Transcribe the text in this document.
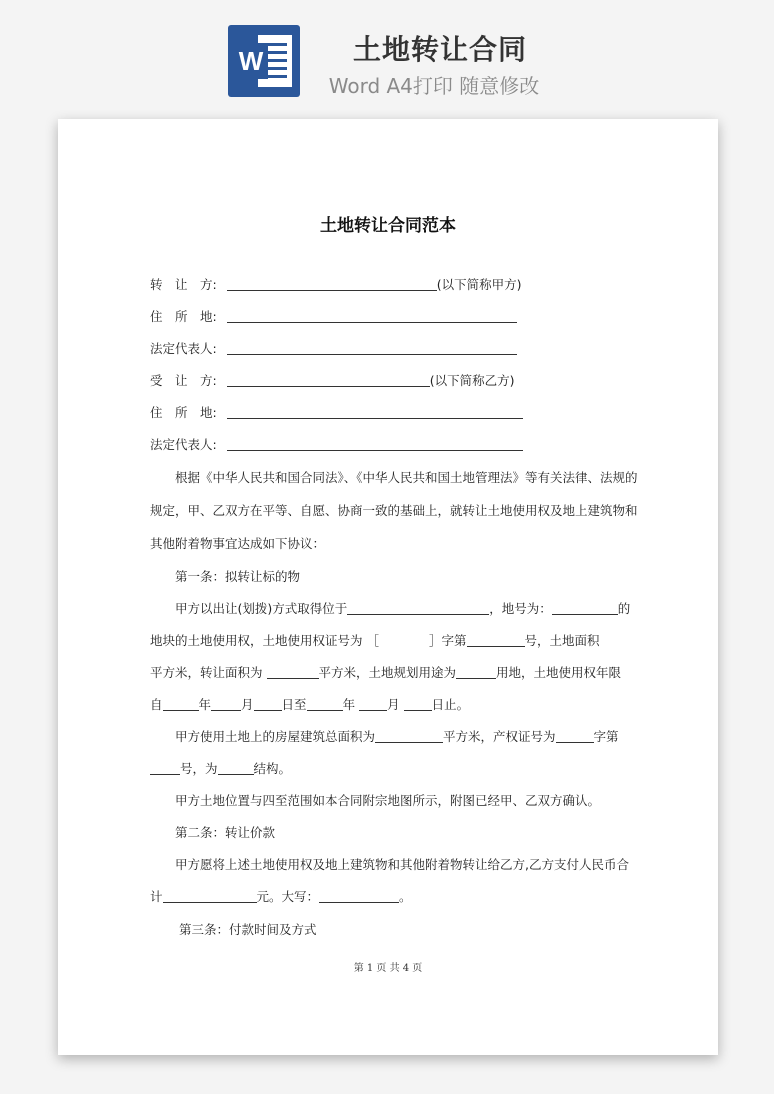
W	土地转让合同
Word A4打印 随意修改

土地转让合同范本
转　让　方:	(以下简称甲方)
住　所　地:
法定代表人:
受　让　方:	(以下简称乙方)
住　所　地:
法定代表人:
根据《中华人民共和国合同法》、《中华人民共和国土地管理法》等有关法律、法规的
规定，甲、乙双方在平等、自愿、协商一致的基础上，就转让土地使用权及地上建筑物和
其他附着物事宜达成如下协议：
第一条：拟转让标的物
甲方以出让(划拨)方式取得位于	，地号为：	的
地块的土地使用权，土地使用权证号为 ［	］字第	号，土地面积
平方米，转让面积为	平方米，土地规划用途为	用地，土地使用权年限
自	年 月 日至	年	月	日止。
甲方使用土地上的房屋建筑总面积为	平方米，产权证号为	字第
号，为	结构。
甲方土地位置与四至范围如本合同附宗地图所示，附图已经甲、乙双方确认。
第二条：转让价款
甲方愿将上述土地使用权及地上建筑物和其他附着物转让给乙方,乙方支付人民币合
计	元。大写：	。
第三条：付款时间及方式
第 1 页 共 4 页
